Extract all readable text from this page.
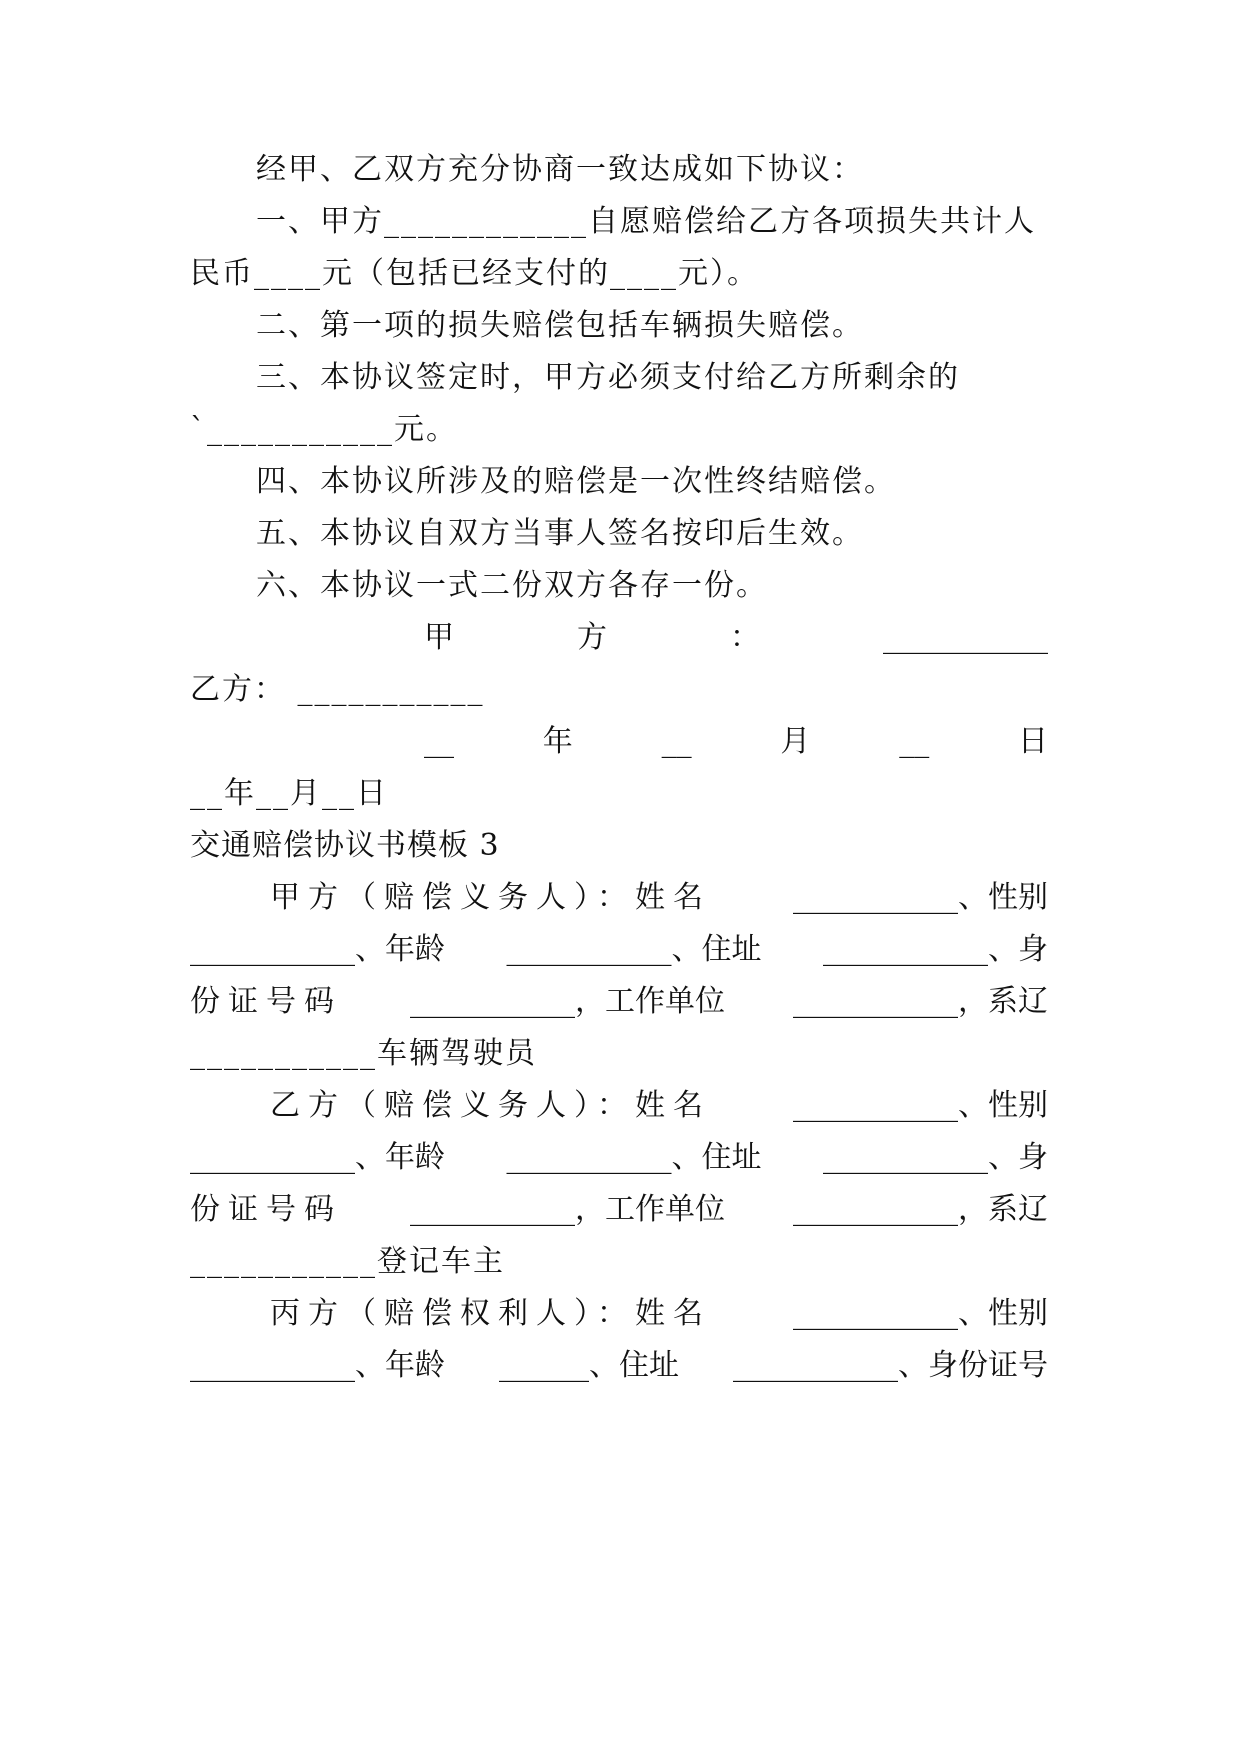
经甲、乙双方充分协商一致达成如下协议：
一、甲方____________自愿赔偿给乙方各项损失共计人
民币____元（包括已经支付的____元）。
二、第一项的损失赔偿包括车辆损失赔偿。
三、本协议签定时，甲方必须支付给乙方所剩余的
`___________元。
四、本协议所涉及的赔偿是一次性终结赔偿。
五、本协议自双方当事人签名按印后生效。
六、本协议一式二份双方各存一份。
甲	方	：	___________
乙方： ___________
__	年	__	月	__	日
__年__月__日
交通赔偿协议书模板 3
甲方（赔偿义务人）：姓名	___________、性别
___________、年龄 ___________、住址 ___________、身
份证号码 ___________，工作单位 ___________，系辽
___________车辆驾驶员
乙方（赔偿义务人）：姓名	___________、性别
___________、年龄 ___________、住址 ___________、身
份证号码 ___________，工作单位 ___________，系辽
___________登记车主
丙方（赔偿权利人）：姓名	___________、性别
___________、年龄 ______、住址 ___________、身份证号
